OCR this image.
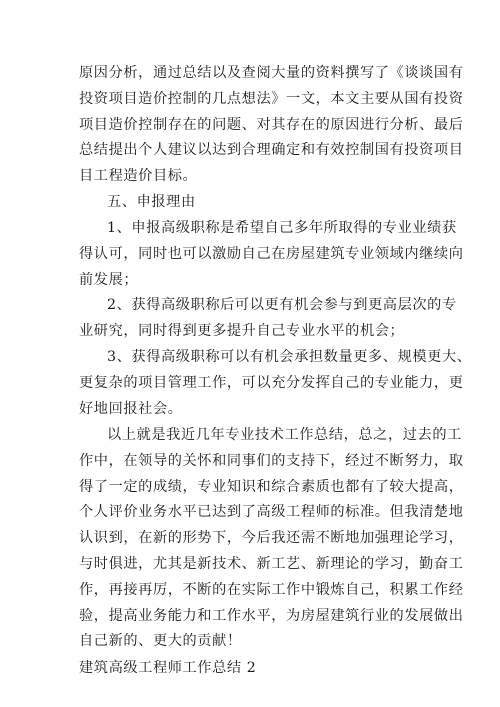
原因分析，通过总结以及查阅大量的资料撰写了《谈谈国有
投资项目造价控制的几点想法》一文，本文主要从国有投资
项目造价控制存在的问题、对其存在的原因进行分析、最后
总结提出个人建议以达到合理确定和有效控制国有投资项目
目工程造价目标。
五、申报理由
1、申报高级职称是希望自己多年所取得的专业业绩获
得认可，同时也可以激励自己在房屋建筑专业领域内继续向
前发展；
2、获得高级职称后可以更有机会参与到更高层次的专
业研究，同时得到更多提升自己专业水平的机会；
3、获得高级职称可以有机会承担数量更多、规模更大、
更复杂的项目管理工作，可以充分发挥自己的专业能力，更
好地回报社会。
以上就是我近几年专业技术工作总结，总之，过去的工
作中，在领导的关怀和同事们的支持下，经过不断努力，取
得了一定的成绩，专业知识和综合素质也都有了较大提高，
个人评价业务水平已达到了高级工程师的标准。但我清楚地
认识到，在新的形势下，今后我还需不断地加强理论学习，
与时俱进，尤其是新技术、新工艺、新理论的学习，勤奋工
作，再接再厉，不断的在实际工作中锻炼自己，积累工作经
验，提高业务能力和工作水平，为房屋建筑行业的发展做出
自己新的、更大的贡献！
建筑高级工程师工作总结 2
